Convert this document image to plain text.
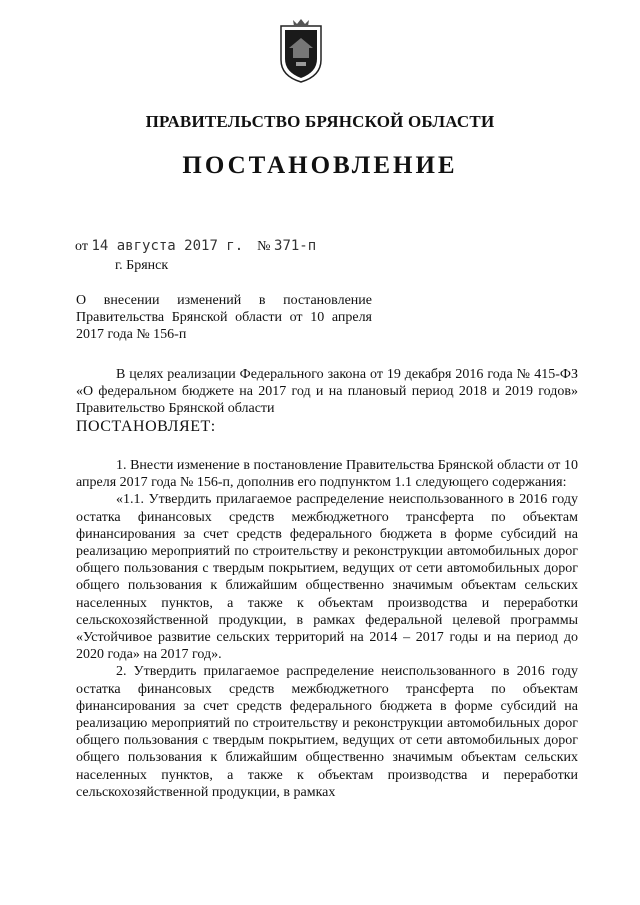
ПРАВИТЕЛЬСТВО БРЯНСКОЙ ОБЛАСТИ
ПОСТАНОВЛЕНИЕ
от 14 августа 2017 г. № 371-п
г. Брянск
О внесении изменений в постановление Правительства Брянской области от 10 апреля 2017 года № 156-п
В целях реализации Федерального закона от 19 декабря 2016 года № 415-ФЗ «О федеральном бюджете на 2017 год и на плановый период 2018 и 2019 годов» Правительство Брянской области
ПОСТАНОВЛЯЕТ:

1. Внести изменение в постановление Правительства Брянской области от 10 апреля 2017 года № 156-п, дополнив его подпунктом 1.1 следующего содержания:

«1.1. Утвердить прилагаемое распределение неиспользованного в 2016 году остатка финансовых средств межбюджетного трансферта по объектам финансирования за счет средств федерального бюджета в форме субсидий на реализацию мероприятий по строительству и реконструкции автомобильных дорог общего пользования с твердым покрытием, ведущих от сети автомобильных дорог общего пользования к ближайшим общественно значимым объектам сельских населенных пунктов, а также к объектам производства и переработки сельскохозяйственной продукции, в рамках федеральной целевой программы «Устойчивое развитие сельских территорий на 2014 – 2017 годы и на период до 2020 года» на 2017 год».

2. Утвердить прилагаемое распределение неиспользованного в 2016 году остатка финансовых средств межбюджетного трансферта по объектам финансирования за счет средств федерального бюджета в форме субсидий на реализацию мероприятий по строительству и реконструкции автомобильных дорог общего пользования с твердым покрытием, ведущих от сети автомобильных дорог общего пользования к ближайшим общественно значимым объектам сельских населенных пунктов, а также к объектам производства и переработки сельскохозяйственной продукции, в рамках
